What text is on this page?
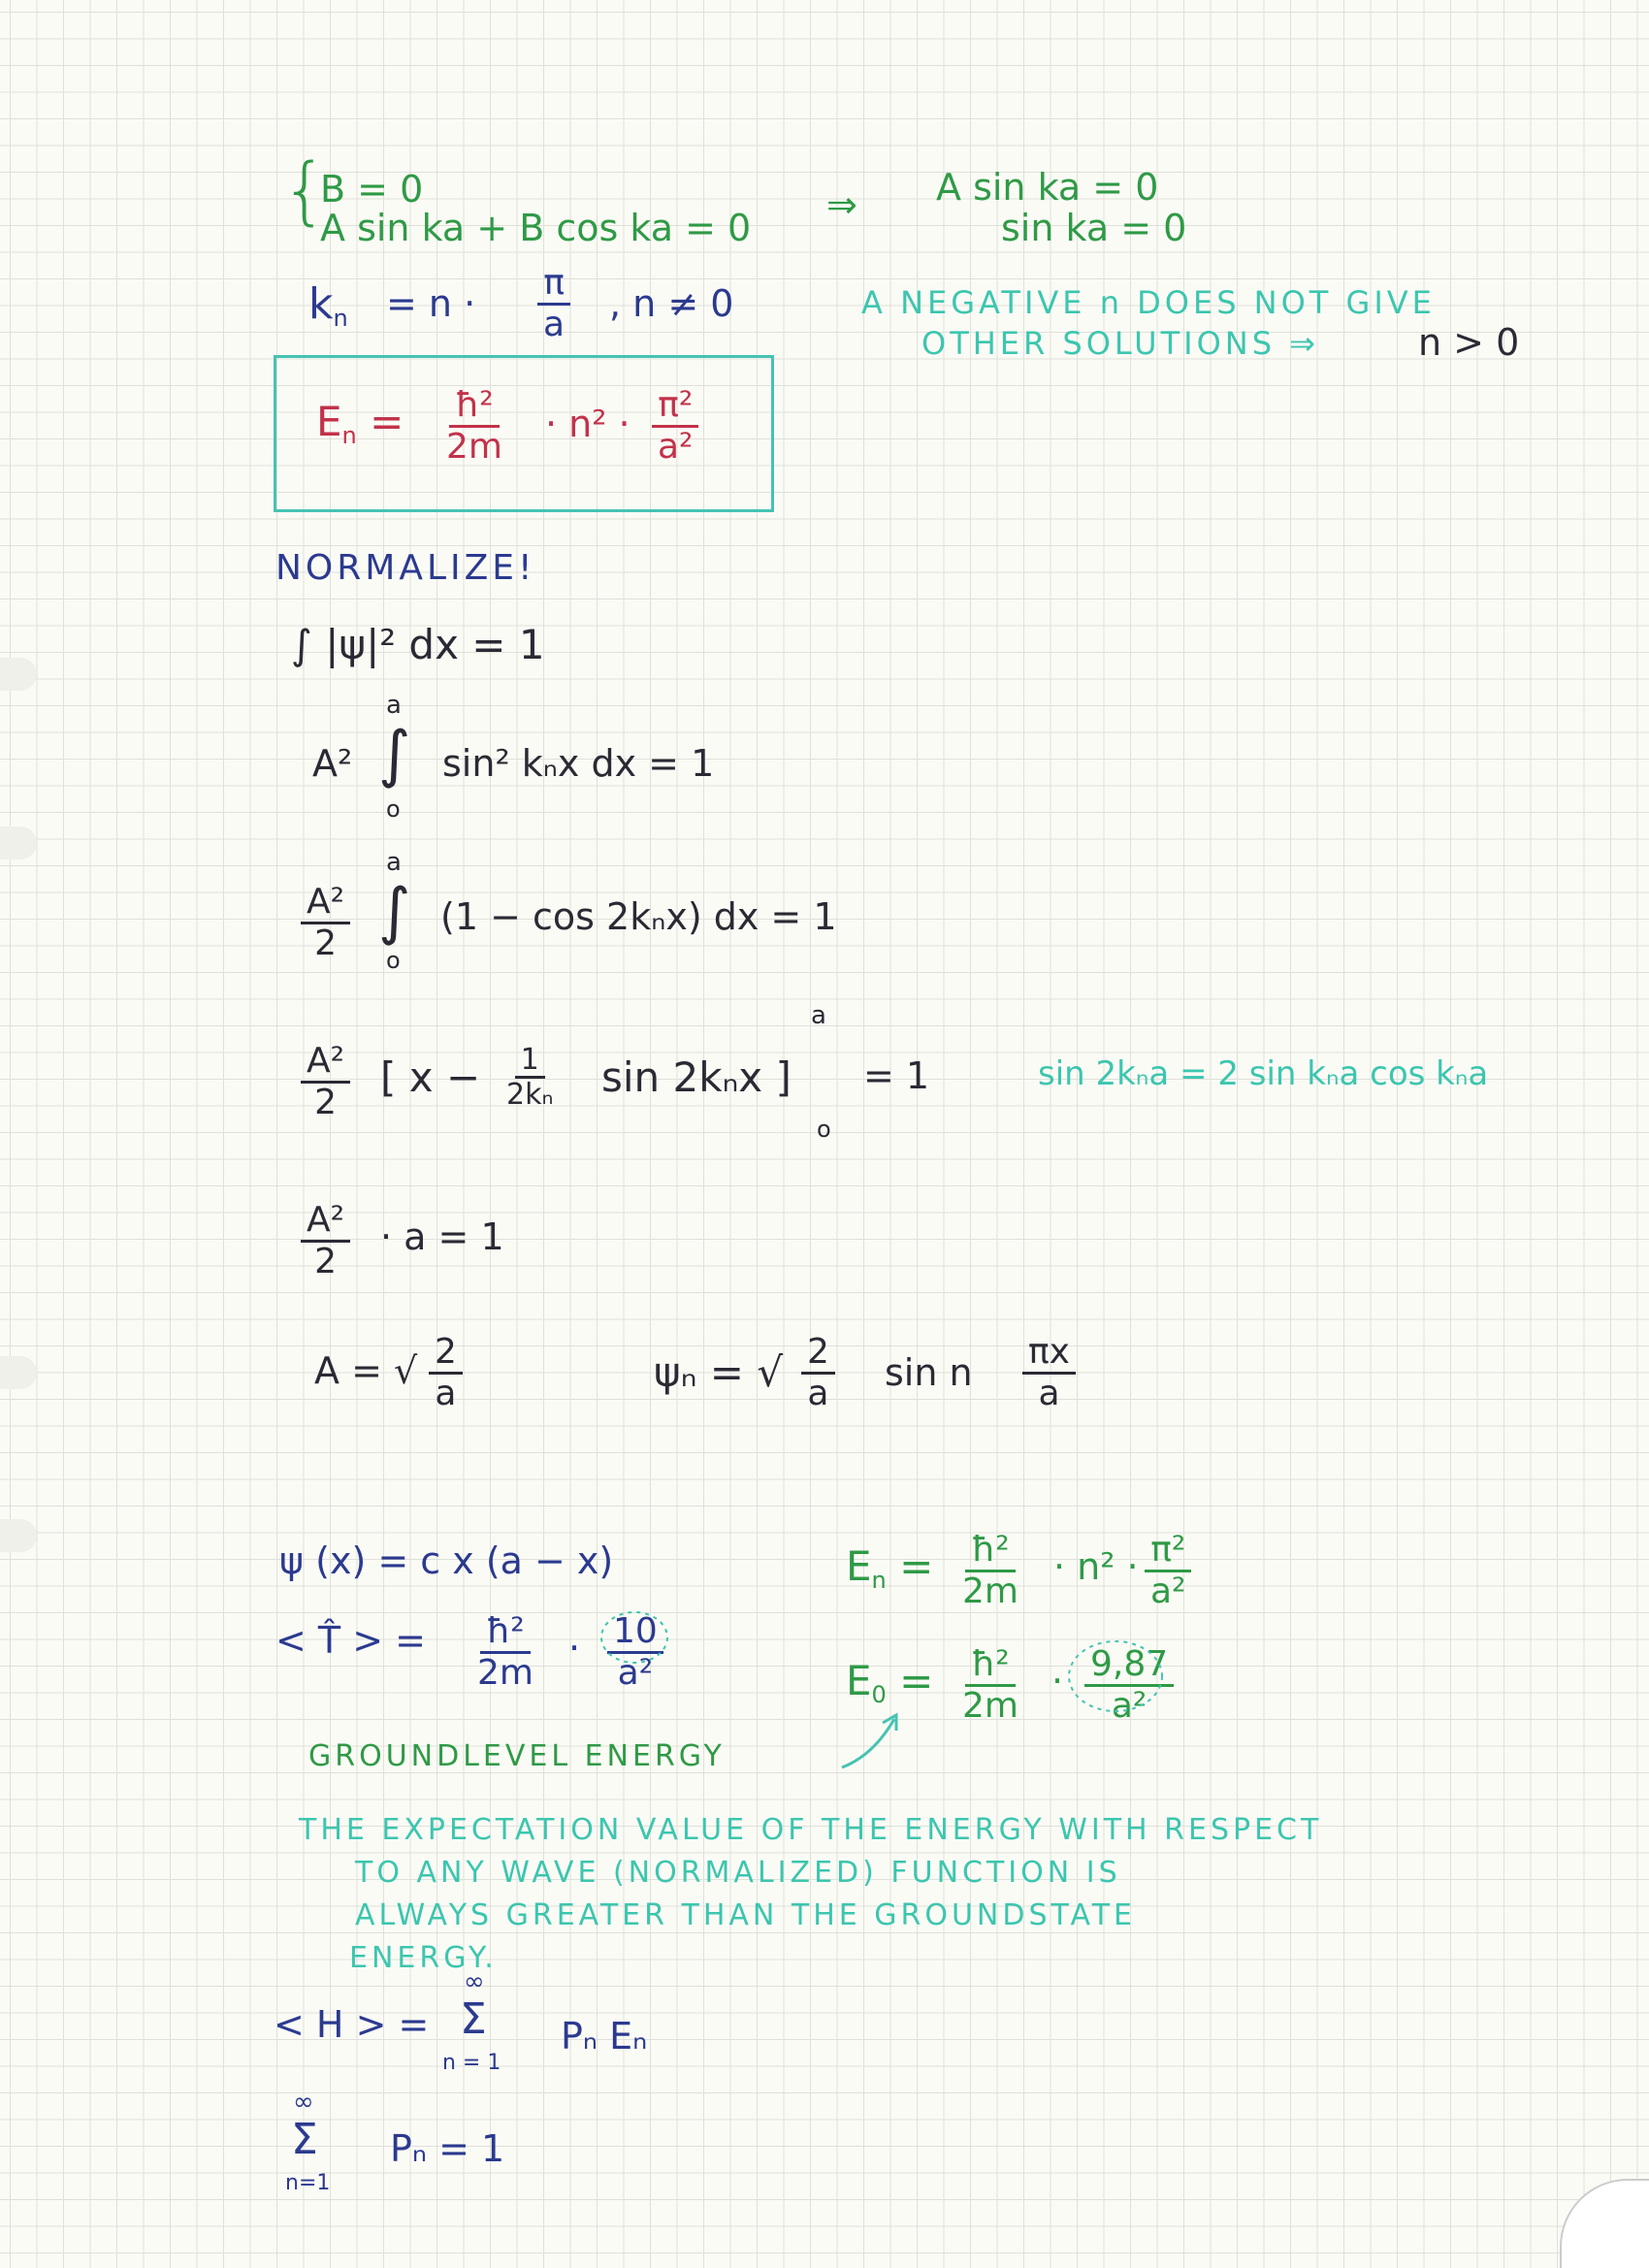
{
B = 0
A sin ka + B cos ka = 0
⇒ A sin ka = 0
sin ka = 0
$k_n = n \cdot \frac{\pi}{a}$ , n ≠ 0	A NEGATIVE n DOES NOT GIVE
OTHER SOLUTIONS ⇒	n > 0
$E_n = \frac{\text{ħ²}}{2m} \cdot n^2 \cdot \frac{\text{π²}}{\text{a²}}$
NORMALIZE!
∫ |ψ|² dx = 1
a
A² ∫ sin² kₙx dx = 1
o
a
$\frac{\text{A²}}{2}$ ∫ (1 − cos 2kₙx) dx = 1
o
$\frac{\text{A²}}{2}$ [ $x - \frac{1}{\text{2kₙ}}$ sin 2kₙx ]
a
o
= 1	sin 2kₙa = 2 sin kₙa cos kₙa
$\frac{\text{A²}}{2} \cdot a = 1$
A = √ $\frac{2}{a}$	ψₙ = √ $\frac{2}{a}$ sin n $\frac{\pi x}{a}$
ψ (x) = c x (a − x)
< T̂ > = $\frac{\text{ħ²}}{2m} \cdot \frac{10}{\text{a²}}$
$E_n = \frac{\text{ħ²}}{2m} \cdot n^2 \cdot \frac{\text{π²}}{\text{a²}}$
$E_0 = \frac{\text{ħ²}}{2m} \cdot \frac{9,87}{\text{a²}}$
GROUNDLEVEL ENERGY
THE EXPECTATION VALUE OF THE ENERGY WITH RESPECT
TO ANY WAVE (NORMALIZED) FUNCTION IS
ALWAYS GREATER THAN THE GROUNDSTATE
ENERGY.
< H > =
∞
Σ
n = 1
Pₙ Eₙ
∞
Σ
n=1
Pₙ = 1
